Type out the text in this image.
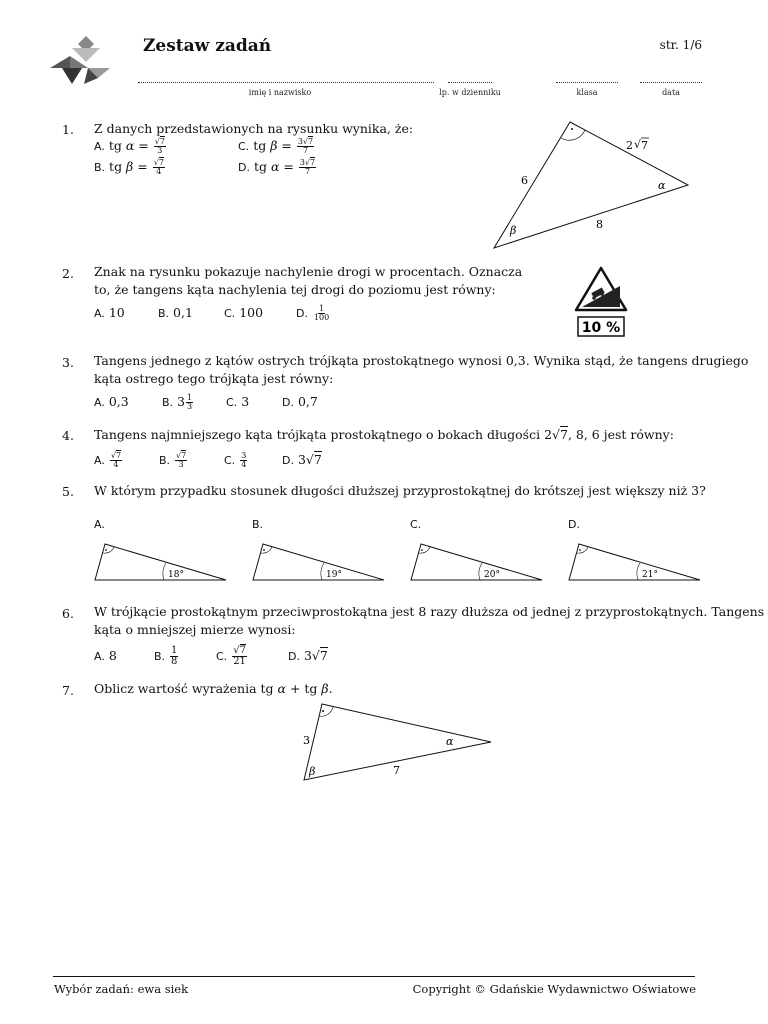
Zestaw zadań	str. 1/6
imię i nazwisko	lp. w dzienniku	klasa	data
1. Z danych przedstawionych na rysunku wynika, że:
A. tg $\alpha = \frac{√7}{3}$	C. tg $\beta = \frac{3√7}{7}$
B. tg $\beta = \frac{√7}{4}$	D. tg $\alpha = \frac{3√7}{7}$
2 √ 7
6
8
α
β
2. Znak na rysunku pokazuje nachylenie drogi w procentach. Oznacza
to, że tangens kąta nachylenia tej drogi do poziomu jest równy:
A. 10	B. 0,1	C. 100	D. $\frac{1}{100}$
10 %
3. Tangens jednego z kątów ostrych trójkąta prostokątnego wynosi 0,3. Wynika stąd, że tangens drugiego
kąta ostrego tego trójkąta jest równy:
A. 0,3	B. $3 \frac{1}{3}$	C. 3	D. 0,7
4. Tangens najmniejszego kąta trójkąta prostokątnego o bokach długości 2√7, 8, 6 jest równy:
A. $\frac{√7}{4}$	B. $\frac{√7}{3}$	C. $\frac{3}{4}$	D. 3√7
5. W którym przypadku stosunek długości dłuższej przyprostokątnej do krótszej jest większy niż 3?
A.	B.	C.	D.
18°	19°	20°	21°
6. W trójkącie prostokątnym przeciwprostokątna jest 8 razy dłuższa od jednej z przyprostokątnych. Tangens
kąta o mniejszej mierze wynosi:
A. 8	B. $\frac{1}{8}$	C. $\frac{√7}{21}$	D. 3√7
7. Oblicz wartość wyrażenia tg α + tg β.
3
7
α
β
Wybór zadań: ewa siek	Copyright © Gdańskie Wydawnictwo Oświatowe
